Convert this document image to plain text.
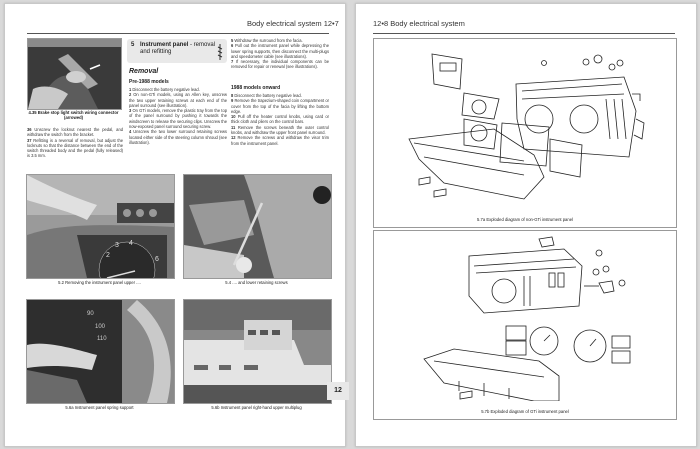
Body electrical system 12•7
4.35 Brake stop light switch wiring connector (arrowed)

36 Unscrew the locknut nearest the pedal, and withdraw the switch from the bracket.

37 Refitting is a reversal of removal, but adjust the locknuts so that the distance between the end of the switch threaded body and the pedal (fully released) is 3.5 mm.

5 Instrument panel - removal and refitting
Removal
Pre-1988 models

1 Disconnect the battery negative lead.

2 On non-GTi models, using an Allen key, unscrew the two upper retaining screws at each end of the panel surround (see illustration).

3 On GTi models, remove the plastic tray from the top of the panel surround by pushing it towards the windscreen to release the securing clips. Unscrew the now-exposed panel surround securing screw.

4 Unscrew the two lower surround retaining screws located either side of the steering column shroud (see illustration).

5 Withdraw the surround from the facia.

6 Pull out the instrument panel while depressing the lower spring supports, then disconnect the multi-plugs and speedometer cable (see illustrations).

7 If necessary, the individual components can be removed for repair or renewal (see illustrations).

1988 models onward

8 Disconnect the battery negative lead.

9 Remove the trapezium-shaped coin compartment or cover from the top of the facia by lifting the bottom edge.

10 Pull off the heater control knobs, using card or thick cloth and pliers on the control bars.

11 Remove the screws beneath the outer control knobs, and withdraw the upper front panel surround.

12 Remove the screws and withdraw the visor trim from the instrument panel.

2
3 4
6
5.2 Removing the instrument panel upper ....	5.4 .... and lower retaining screws
90
100
110
5.6a Instrument panel spring support	5.6b Instrument panel right-hand upper multiplug
12
12•8 Body electrical system
5.7a Exploded diagram of non-GTi instrument panel
5.7b Exploded diagram of GTi instrument panel
